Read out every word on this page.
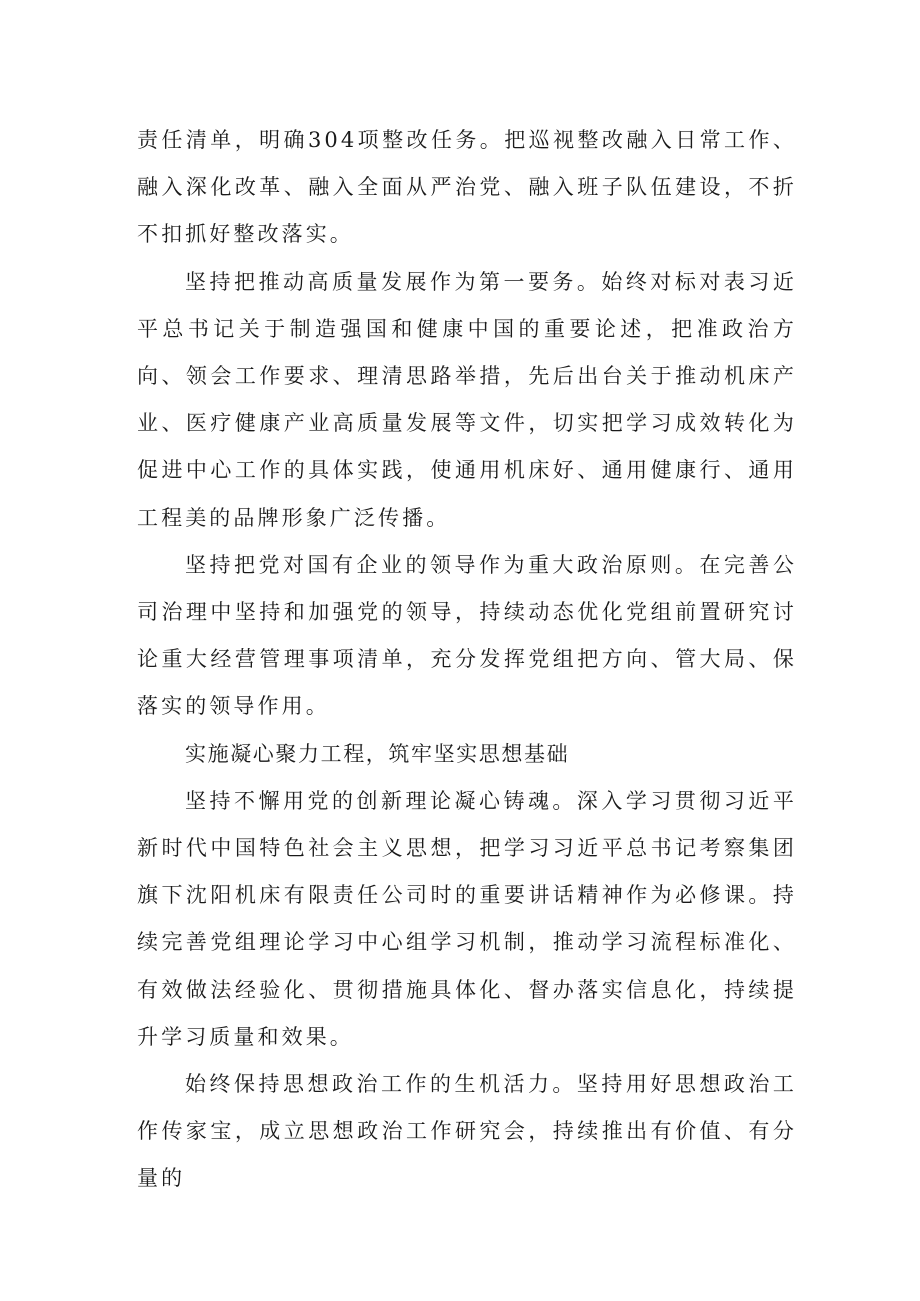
责任清单，明确304项整改任务。把巡视整改融入日常工作、融入深化改革、融入全面从严治党、融入班子队伍建设，不折不扣抓好整改落实。

坚持把推动高质量发展作为第一要务。始终对标对表习近平总书记关于制造强国和健康中国的重要论述，把准政治方向、领会工作要求、理清思路举措，先后出台关于推动机床产业、医疗健康产业高质量发展等文件，切实把学习成效转化为促进中心工作的具体实践，使通用机床好、通用健康行、通用工程美的品牌形象广泛传播。

坚持把党对国有企业的领导作为重大政治原则。在完善公司治理中坚持和加强党的领导，持续动态优化党组前置研究讨论重大经营管理事项清单，充分发挥党组把方向、管大局、保落实的领导作用。

实施凝心聚力工程，筑牢坚实思想基础

坚持不懈用党的创新理论凝心铸魂。深入学习贯彻习近平新时代中国特色社会主义思想，把学习习近平总书记考察集团旗下沈阳机床有限责任公司时的重要讲话精神作为必修课。持续完善党组理论学习中心组学习机制，推动学习流程标准化、有效做法经验化、贯彻措施具体化、督办落实信息化，持续提升学习质量和效果。

始终保持思想政治工作的生机活力。坚持用好思想政治工作传家宝，成立思想政治工作研究会，持续推出有价值、有分量的
